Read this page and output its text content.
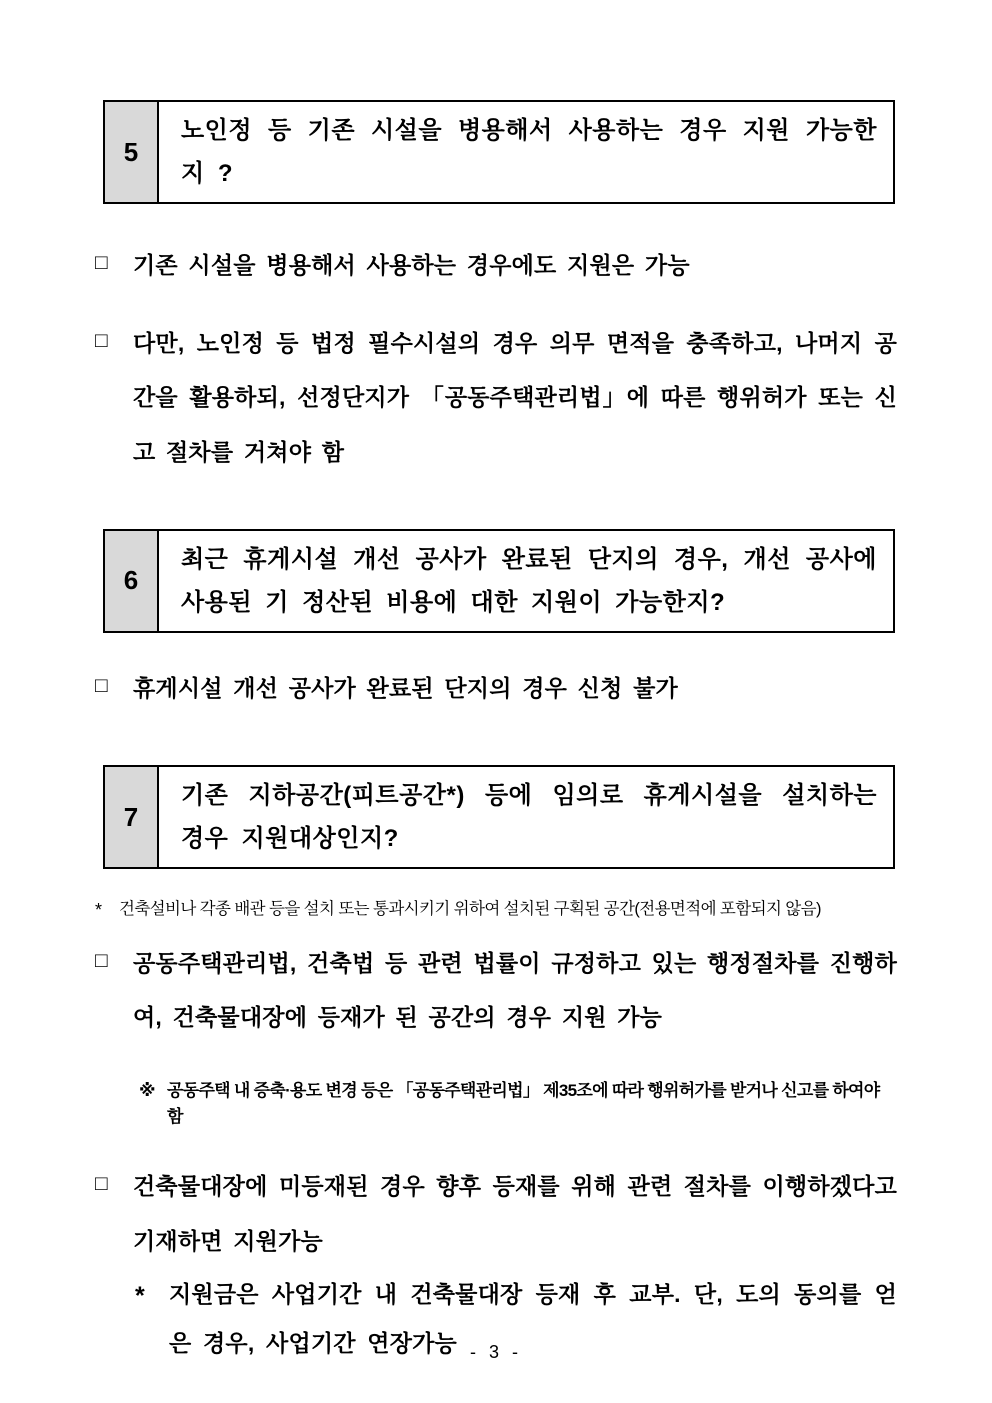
5
노인정 등 기존 시설을 병용해서 사용하는 경우 지원 가능한지 ?
□	기존 시설을 병용해서 사용하는 경우에도 지원은 가능
□	다만, 노인정 등 법정 필수시설의 경우 의무 면적을 충족하고, 나머지 공간을 활용하되, 선정단지가 「공동주택관리법」에 따른 행위허가 또는 신고 절차를 거쳐야 함
6
최근 휴게시설 개선 공사가 완료된 단지의 경우, 개선 공사에 사용된 기 정산된 비용에 대한 지원이 가능한지?
□	휴게시설 개선 공사가 완료된 단지의 경우 신청 불가
7
기존 지하공간(피트공간*) 등에 임의로 휴게시설을 설치하는 경우 지원대상인지?
*	건축설비나 각종 배관 등을 설치 또는 통과시키기 위하여 설치된 구획된 공간(전용면적에 포함되지 않음)
□	공동주택관리법, 건축법 등 관련 법률이 규정하고 있는 행정절차를 진행하여, 건축물대장에 등재가 된 공간의 경우 지원 가능
※ 공동주택 내 증축·용도 변경 등은 「공동주택관리법」 제35조에 따라 행위허가를 받거나 신고를 하여야 함
□	건축물대장에 미등재된 경우 향후 등재를 위해 관련 절차를 이행하겠다고 기재하면 지원가능
*	지원금은 사업기간 내 건축물대장 등재 후 교부. 단, 도의 동의를 얻은 경우, 사업기간 연장가능 - 3 -
